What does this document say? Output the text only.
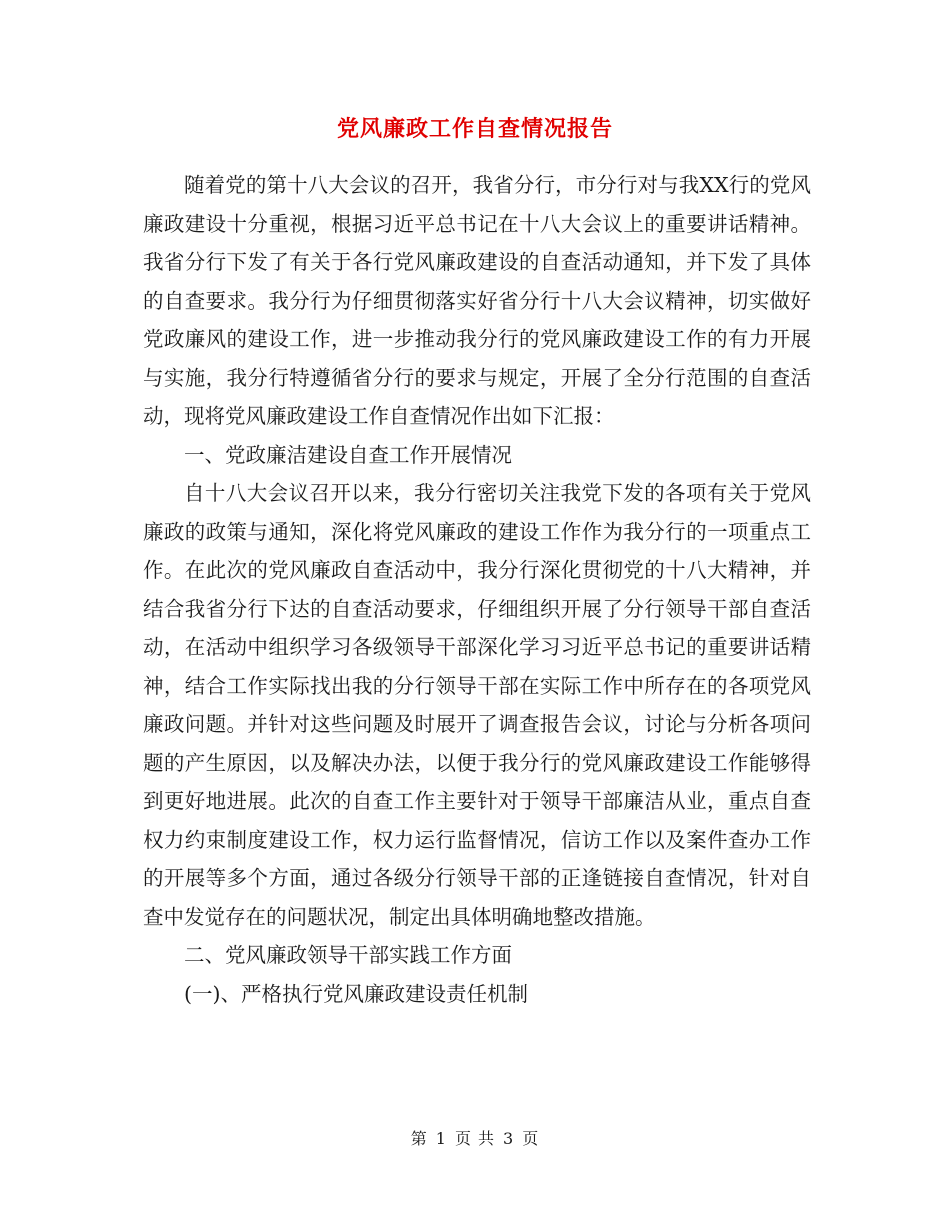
党风廉政工作自查情况报告

随着党的第十八大会议的召开，我省分行，市分行对与我XX行的党风廉政建设十分重视，根据习近平总书记在十八大会议上的重要讲话精神。我省分行下发了有关于各行党风廉政建设的自查活动通知，并下发了具体的自查要求。我分行为仔细贯彻落实好省分行十八大会议精神，切实做好党政廉风的建设工作，进一步推动我分行的党风廉政建设工作的有力开展与实施，我分行特遵循省分行的要求与规定，开展了全分行范围的自查活动，现将党风廉政建设工作自查情况作出如下汇报：

一、党政廉洁建设自查工作开展情况

自十八大会议召开以来，我分行密切关注我党下发的各项有关于党风廉政的政策与通知，深化将党风廉政的建设工作作为我分行的一项重点工作。在此次的党风廉政自查活动中，我分行深化贯彻党的十八大精神，并结合我省分行下达的自查活动要求，仔细组织开展了分行领导干部自查活动，在活动中组织学习各级领导干部深化学习习近平总书记的重要讲话精神，结合工作实际找出我的分行领导干部在实际工作中所存在的各项党风廉政问题。并针对这些问题及时展开了调查报告会议，讨论与分析各项问题的产生原因，以及解决办法，以便于我分行的党风廉政建设工作能够得到更好地进展。此次的自查工作主要针对于领导干部廉洁从业，重点自查权力约束制度建设工作，权力运行监督情况，信访工作以及案件查办工作的开展等多个方面，通过各级分行领导干部的正逢链接自查情况，针对自查中发觉存在的问题状况，制定出具体明确地整改措施。

二、党风廉政领导干部实践工作方面

(一)、严格执行党风廉政建设责任机制

第 1 页 共 3 页
